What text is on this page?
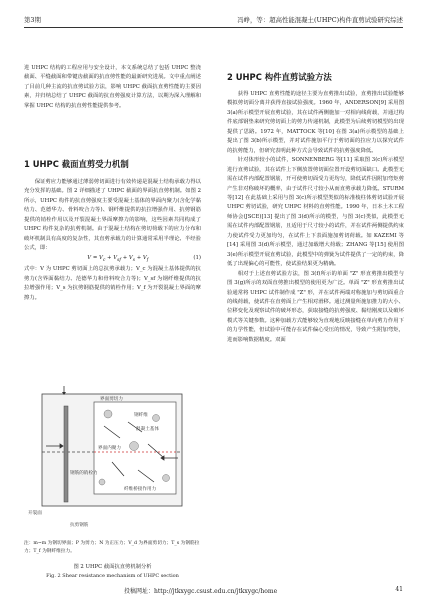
第3期	冯峥，等：超高性能混凝土(UHPC)构件直剪试验研究综述

进 UHPC 结构的工程应用与安全设计，本文系统总结了包括 UHPC 整浇截面、平缝截面和带键齿截面的抗直剪性能的最新研究进展。文中重点阐述了目前几种主流的抗直剪试验方法，影响 UHPC 截面抗直剪性能的主要因素，并归纳总结了 UHPC 截面的抗直剪强度计算方法，以期为深入理解和掌握 UHPC 结构的抗直剪性能提供参考。

1 UHPC 截面直剪受力机制

保证剪应力能够通过薄弱剪切面进行有效传递是混凝土结构承载力得以充分发挥的基础。图 2 详细描述了 UHPC 截面的界面抗直剪机制。如图 2 所示，UHPC 构件的抗直剪强度主要受混凝土基体的界面内聚力(含化学黏结力、范德华力、骨料咬合力等)、钢纤维提供的抗拉增强作用、抗剪钢筋提供的销栓作用以及开裂混凝土界面摩擦力的影响，这些因素共同构成了 UHPC 构件复杂的抗剪机制。由于混凝土结构在剪切荷载下的应力分布和破坏机制具有高度的复杂性，其直剪承载力的计算通常采用半理论、半经验公式，即：

$V = V_c + V_{sf} + V_s + V_f$	(1)

式中：V 为 UHPC 剪切面上的总抗剪承载力；V_c 为混凝土基体提供的抗剪力(含界面黏结力、范德华力和骨料咬合力等)；V_sf 为钢纤维提供的抗拉增强作用；V_s 为抗剪钢筋提供的销栓作用；V_f 为开裂混凝土界面的摩擦力。

界面剪切力
开裂面
钢纤维
界面内聚力
钢筋的销栓力
纤维桥接作用力
混凝土基体
抗剪钢筋
注：m~m 为钢切界面；P 为剪力；N 为正压力；V_d 为界面剪切力；T_s 为钢筋拉力；T_f 为钢纤维拉力。
图 2 UHPC 截面抗直剪机制分析
Fig. 2 Shear resistance mechanism of UHPC section
2 UHPC 构件直剪试验方法

获得 UHPC 直剪性能的途径主要为直剪推出试验，直剪推出试验能够模拟剪切面分离并获得直接试验强度。1960 年，ANDERSON[9] 采用图 3(a)所示模型开展直剪试验，其在试件两侧施加一对相向线荷载，并通过构件底部钢垫来研究剪切面上的剪力传递机制，此模型为后续剪切模型的出现提供了思路。1972 年，MATTOCK 等[10] 在图 3(a)所示模型的基础上提出了图 3(b)所示模型，并对试件施加平行于剪切面的拉应力以探究试件的抗剪能力，但研究表明此种方式会导致试件的抗剪强度降低。

针对体形较小的试件，SONNENBERG 等[11] 采取图 3(c)所示模型进行直剪试验，其在试件上下侧放置剪切面位置开设剪切面缺口。此模型无需在试件内部配置钢筋，开可使剪切面受力更均匀，降低试件因附加弯矩剪产生非对称破坏的概率，由于试件尺寸较小从而直剪承载力降低。STURM 等[12] 在此基础上采用与图 3(c)所示模型类似的标准棱柱体剪切试验开展 UHPC 剪切试验，研究 UHPC 材料的直剪性能。1990 年，日本土木工程师协会(JSCE)[13] 提出了图 3(d)所示的模型，与图 3(c)类似，此模型无需在试件内部配置钢筋，且适用于尺寸较小的试件，并在试件两侧提供约束力使试件受力更加均匀，在试件上下表面施加剪切荷载。如 KAZEMI 等[14] 采用图 3(d)所示模型，通过加载增大荷载；ZHANG 等[15] 使用图 3(e)所示模型开展直剪试验，此模型中的弹簧为试件提供了一定的约束，降低了出现偏心的可能性，使试验结果更为精确。

相对于上述直剪试验方法，图 3(f)所示的单面 "Z" 形直剪推出模型与图 3(g)所示的双面直剪推出模型的使用更为广泛。单面 "Z" 形直剪推出试验通常将 UHPC 试件制作成 "Z" 形，并在试件两端对称施加与剪切面重合的线荷载，使试件在直剪面上产生相对滑移。通过测量所施加推力的大小、位移变化及观察试件的破坏形态，获取接缝的抗剪强度、黏结刚度以及破坏模式等关键参数。这种加载方式能够较为直观地反映接缝在单向剪力作用下的力学性能，但试验中可能存在试件偏心受压的情况，导致产生附加弯矩，进而影响数据精度。双面

投稿网址：http://jtkxygc.csust.edu.cn/jtkxygc/home	41
